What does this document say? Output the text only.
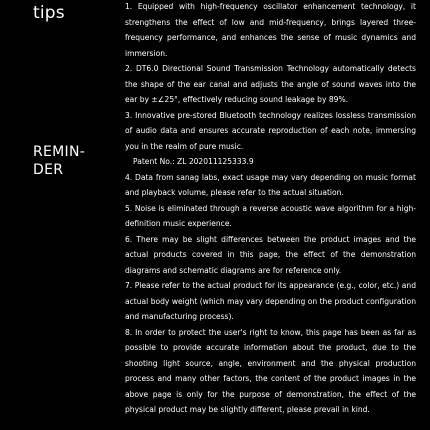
tips
REMIN-
DER

1. Equipped with high-frequency oscillator enhancement technology, it strengthens the effect of low and mid-frequency, brings layered three-frequency performance, and enhances the sense of music dynamics and immersion.

2. DT6.0 Directional Sound Transmission Technology automatically detects the shape of the ear canal and adjusts the angle of sound waves into the ear by ±∠25°, effectively reducing sound leakage by 89%.

3. Innovative pre-stored Bluetooth technology realizes lossless transmission of audio data and ensures accurate reproduction of each note, immersing you in the realm of pure music.

Patent No.: ZL 202011125333.9

4. Data from sanag labs, exact usage may vary depending on music format and playback volume, please refer to the actual situation.

5. Noise is eliminated through a reverse acoustic wave algorithm for a high-definition music experience.

6. There may be slight differences between the product images and the actual products covered in this page, the effect of the demonstration diagrams and schematic diagrams are for reference only.

7. Please refer to the actual product for its appearance (e.g., color, etc.) and actual body weight (which may vary depending on the product configuration and manufacturing process).

8. In order to protect the user's right to know, this page has been as far as possible to provide accurate information about the product, due to the shooting light source, angle, environment and the physical production process and many other factors, the content of the product images in the above page is only for the purpose of demonstration, the effect of the physical product may be slightly different, please prevail in kind.
